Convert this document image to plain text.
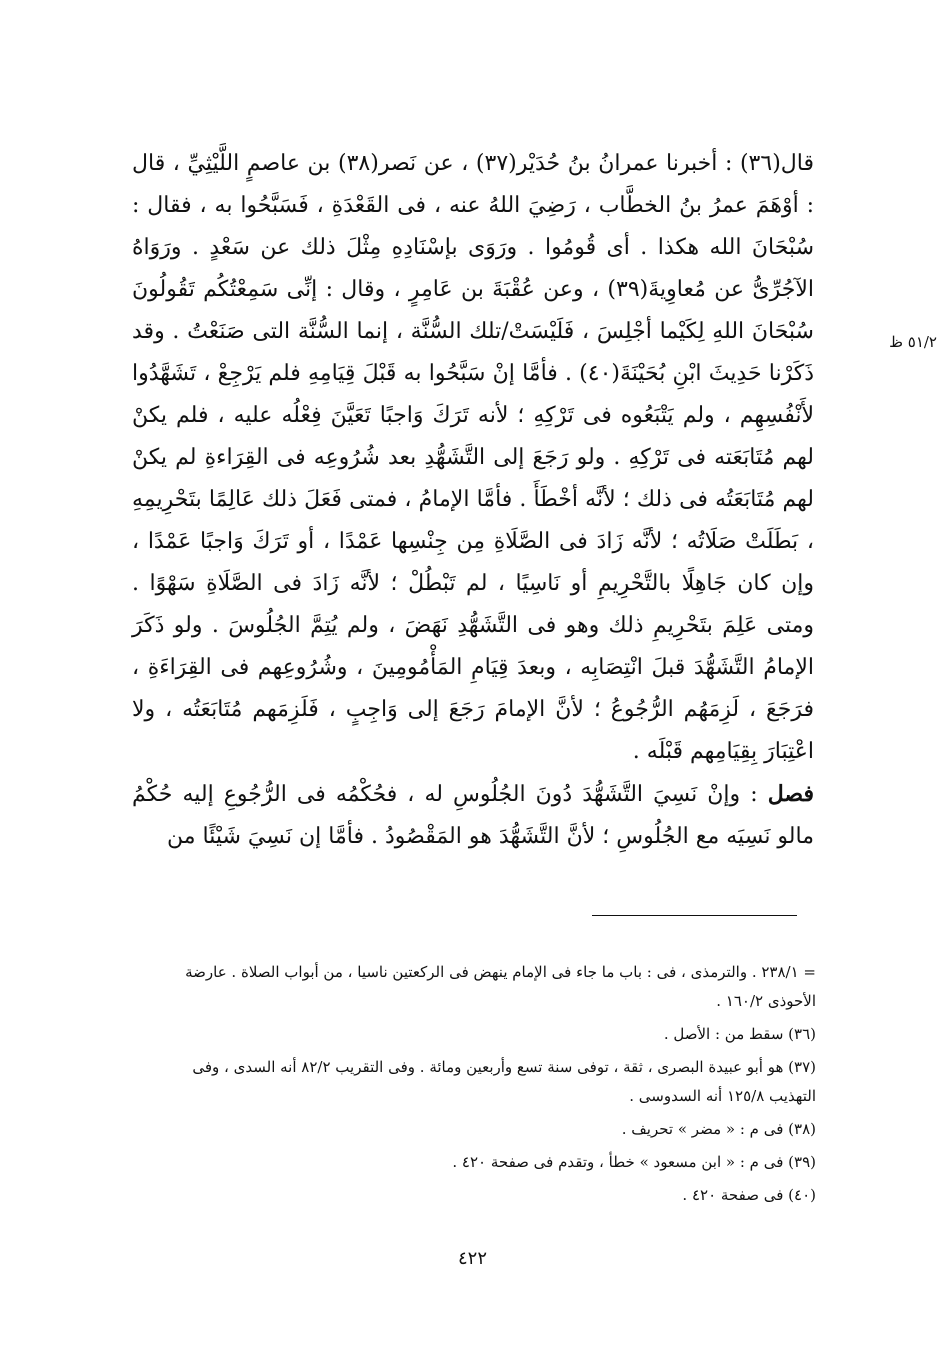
قال(٣٦) : أخبرنا عمرانُ بنُ حُدَيْر(٣٧) ، عن نَصر(٣٨) بن عاصمٍ اللَّيْثِيِّ ، قال : أوْهَمَ عمرُ بنُ الخطَّاب ، رَضِيَ اللهُ عنه ، فى القَعْدَةِ ، فَسَبَّحُوا به ، فقال : سُبْحَانَ الله هكذا . أى قُومُوا . ورَوَى بإسْنَادِهِ مِثْلَ ذلك عن سَعْدٍ . ورَوَاهُ الآجُرِّىُّ عن مُعاوِيةَ(٣٩) ، وعن عُقْبَةَ بن عَامِرٍ ، وقال : إنِّى سَمِعْتُكُم تَقُولُونَ سُبْحَانَ اللهِ لِكَيْما أجْلِسَ ، فَلَيْسَتْ/تلك السُّنَّة ، إنما السُّنَّة التى صَنَعْتُ . وقد ذَكَرْنا حَدِيثَ ابْنِ بُحَيْنَةَ(٤٠) . فأمَّا إنْ سَبَّحُوا به قَبْلَ قِيَامِهِ فلم يَرْجِعْ ، تَشَهَّدُوا لأَنْفُسِهِم ، ولم يَتْبَعُوه فى تَرْكِهِ ؛ لأنه تَرَكَ وَاجبًا تَعَيَّنَ فِعْلُه عليه ، فلم يكنْ لهم مُتَابَعَته فى تَرْكِهِ . ولو رَجَعَ إلى التَّشَهُّدِ بعد شُرُوعِه فى القِرَاءةِ لم يكنْ لهم مُتَابَعَتُه فى ذلك ؛ لأنَّه أخْطَأَ . فأمَّا الإمامُ ، فمتى فَعَلَ ذلك عَالِمًا بتَحْرِيمِهِ ، بَطَلَتْ صَلَاتُه ؛ لأنَّه زَادَ فى الصَّلَاةِ مِن جِنْسِها عَمْدًا ، أو تَرَكَ وَاجبًا عَمْدًا ، وإن كان جَاهِلًا بالتَّحْرِيمِ أو نَاسِيًا ، لم تَبْطُلْ ؛ لأنَّه زَادَ فى الصَّلَاةِ سَهْوًا . ومتى عَلِمَ بتَحْرِيمِ ذلك وهو فى التَّشَهُّدِ نَهَضَ ، ولم يُتِمَّ الجُلُوسَ . ولو ذَكَرَ الإمامُ التَّشَهُّدَ قبلَ انْتِصَابِه ، وبعدَ قِيَامِ المَأْمُومِينَ ، وشُرُوعِهم فى القِرَاءَةِ ، فرَجَعَ ، لَزِمَهُم الرُّجُوعُ ؛ لأنَّ الإمامَ رَجَعَ إلى وَاجِبٍ ، فَلَزِمَهم مُتَابَعَتُه ، ولا اعْتِبَارَ بِقِيَامِهم قَبْلَه .

فصل : وإنْ نَسِيَ التَّشَهُّدَ دُونَ الجُلُوسِ له ، فحُكْمُه فى الرُّجُوعِ إليه حُكْمُ مالو نَسِيَه مع الجُلُوسِ ؛ لأنَّ التَّشَهُّدَ هو المَقْصُودُ . فأمَّا إن نَسِيَ شَيْئًا من

٥١/٢ ظ

= ٢٣٨/١ . والترمذى ، فى : باب ما جاء فى الإمام ينهض فى الركعتين ناسيا ، من أبواب الصلاة . عارضة

الأحوذى ١٦٠/٢ .

(٣٦) سقط من : الأصل .

(٣٧) هو أبو عبيدة البصرى ، ثقة ، توفى سنة تسع وأربعين ومائة . وفى التقريب ٨٢/٢ أنه السدى ، وفى

التهذيب ١٢٥/٨ أنه السدوسى .

(٣٨) فى م : « مضر » تحريف .

(٣٩) فى م : « ابن مسعود » خطأ ، وتقدم فى صفحة ٤٢٠ .

(٤٠) فى صفحة ٤٢٠ .

٤٢٢
